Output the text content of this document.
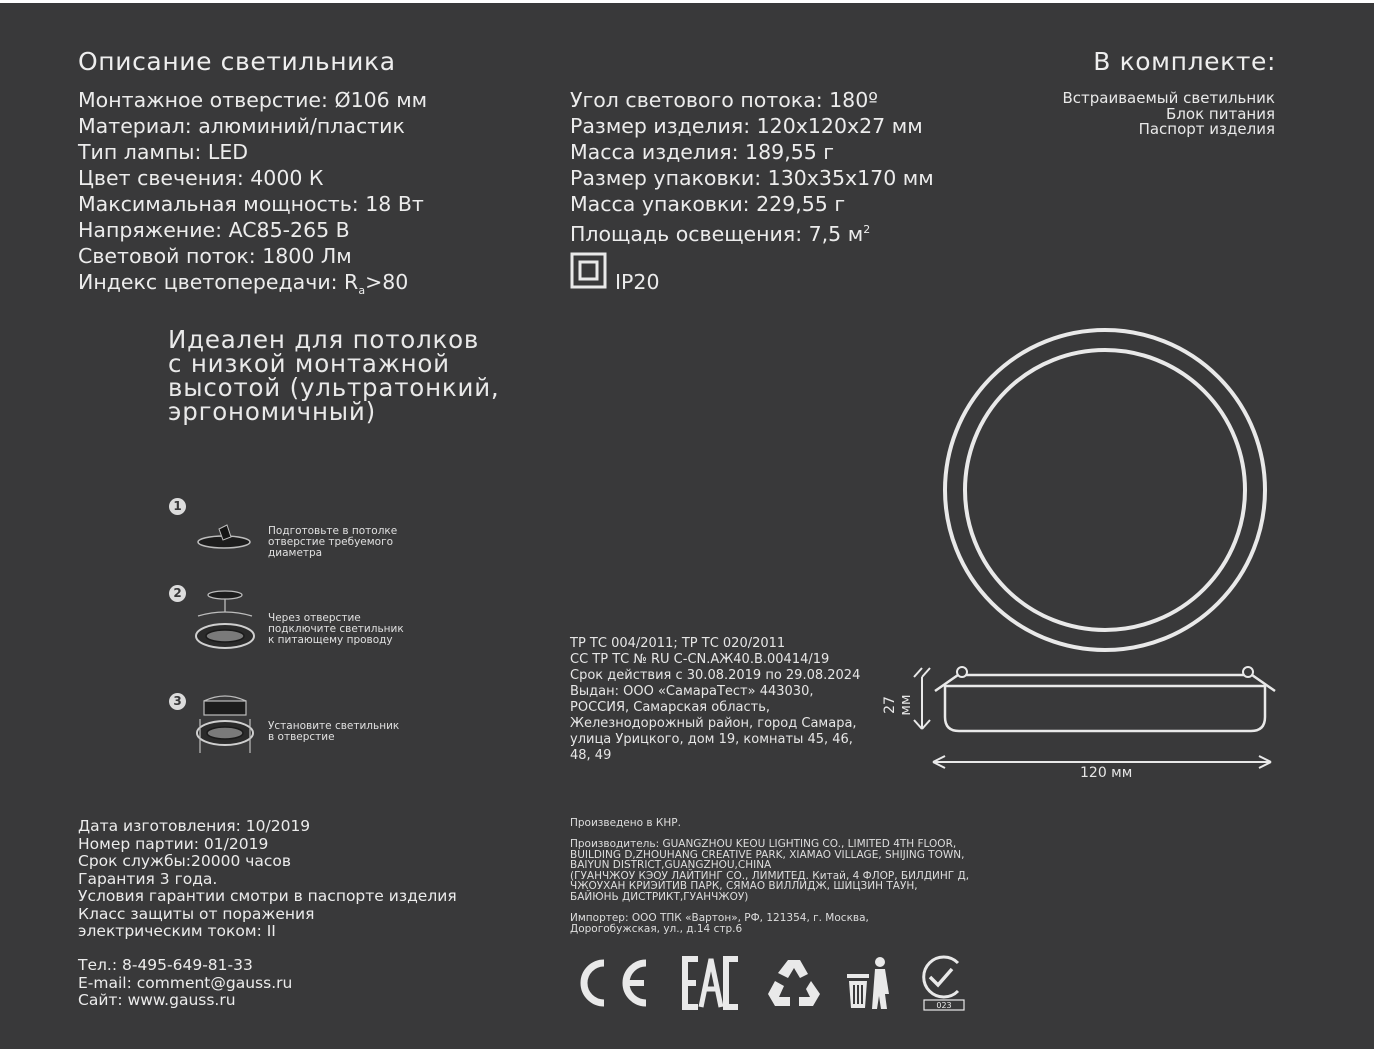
Описание светильника	В комплекте:
Встраиваемый светильник
Блок питания
Паспорт изделия
Монтажное отверстие: Ø106 мм
Материал: алюминий/пластик
Тип лампы: LED
Цвет свечения: 4000 К
Максимальная мощность: 18 Вт
Напряжение: AC85-265 В
Световой поток: 1800 Лм
Индекс цветопередачи: $R_a>80$
Угол светового потока: 180º
Размер изделия: 120x120x27 мм
Масса изделия: 189,55 г
Размер упаковки: 130x35x170 мм
Масса упаковки: 229,55 г
Площадь освещения: 7,5 $м^2$
IP20
Идеален для потолков
с низкой монтажной
высотой (ультратонкий,
эргономичный)
1
Подготовьте в потолке
отверстие требуемого
диаметра
2
Через отверстие
подключите светильник
к питающему проводу
3
Установите светильник
в отверстие
ТР ТС 004/2011; ТР ТС 020/2011
СС ТР ТС № RU C-CN.АЖ40.В.00414/19
Срок действия с 30.08.2019 по 29.08.2024
Выдан: ООО «СамараТест» 443030,
РОССИЯ, Самарская область,
Железнодорожный район, город Самара,
улица Урицкого, дом 19, комнаты 45, 46,
48, 49
27 мм
120 мм
Произведено в КНР.
Производитель: GUANGZHOU KEOU LIGHTING CO., LIMITED 4TH FLOOR,
BUILDING D,ZHOUHANG CREATIVE PARK, XIAMAO VILLAGE, SHIJING TOWN,
BAIYUN DISTRICT,GUANGZHOU,CHINA
(ГУАНЧЖОУ КЭОУ ЛАЙТИНГ СО., ЛИМИТЕД. Китай, 4 ФЛОР, БИЛДИНГ Д,
ЧЖОУХАН КРИЭЙТИВ ПАРК, СЯМАО ВИЛЛИДЖ, ШИЦЗИН ТАУН,
БАЙЮНЬ ДИСТРИКТ,ГУАНЧЖОУ)
Импортер: ООО ТПК «Вартон», РФ, 121354, г. Москва,
Дорогобужская, ул., д.14 стр.6
Дата изготовления: 10/2019
Номер партии: 01/2019
Срок службы:20000 часов
Гарантия 3 года.
Условия гарантии смотри в паспорте изделия
Класс защиты от поражения
электрическим током: II
Тел.: 8-495-649-81-33
E-mail: comment@gauss.ru
Сайт: www.gauss.ru
CE
EAC
023
